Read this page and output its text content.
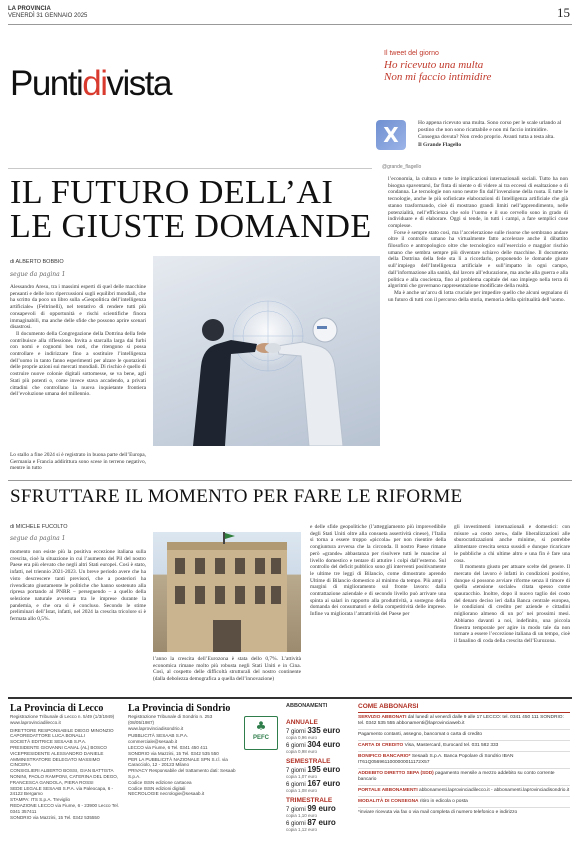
LA PROVINCIA
VENERDÌ 31 GENNAIO 2025	15
Puntidivista
Il tweet del giorno
Ho ricevuto una multa
Non mi faccio intimidire
X	Ho appena ricevuto una multa. Sono corso per le scale urlando al postino che non sono ricattabile e non mi faccio intimidire. Consegna dovuta? Non credo proprio. Avanti tutta a testa alta.
Il Grande Flagello
@grande_flagello
IL FUTURO DELL’AI
LE GIUSTE DOMANDE
di ALBERTO BOBBIO
segue da pagina 1

Alessandro Aresu, tra i massimi esperti di quel delle macchine pensanti e delle loro ripercussioni sugli equilibri mondiali, che ha scritto da poco un libro sulla «Geopolitica dell’intelligenza artificiale» (Feltrinelli), nel tentativo di rendere tutti più consapevoli di opportunità e rischi scientifiche finora immaginabili, ma anche delle sfide che possono aprire scenari disastrosi.

Il documento della Congregazione della Dottrina della fede contribuisce alla riflessione. Invita a starcalla larga dai furbi con nomi e cognomi ben noti, che ritengono si possa controllare e indirizzare fino a sostituire l’intelligenza dell’uomo in tanto fanno esperimenti per alzare le quotazioni delle proprie azioni sui mercati mondiali. Di rischio è quello di costruire nuove colonie digitali sottomesse, se va bene, agli Stati più potenti o, come invece stava accadendo, a privati cittadini che controllano la nuova inquietante frontiera dell’evoluzione umana del millennio.

Lo stallo a fine 2024 si è registrato in buona parte dell’Europa, Germania e Francia addirittura sono scese in terreno negativo, mentre in tutto

l’economia, la cultura e tutte le implicazioni internazionali sociali. Tutto ha non bisogna spaventarsi, far finta di niente o di videre ai tra eccessi di esaltazione o di condanna. Le tecnologie non sono neutre fin dall’invenzione della ruota. E tutte le tecnologie, anche le più sofisticate elaborazioni di Intelligenza artificiale che già stanno trasformando, cioè di mostrano grandi limiti nell’apprendimento, nelle potenzialità, nell’efficienza che solo l’uomo e il suo cervello sono in grado di individuare e di elaborare. Oggi si tende, in tutti i campi, a fare semplici cose complesse.

Forse è sempre stato così, ma l’accelerazione sulle risorse che sembrano andare oltre il controllo umano ha virtualmente fatto accelerare anche il dibattito filosofico e antropologico oltre che tecnologico sull’esercizio e maggior rischio umano che sembra sempre più diventare schiavo delle macchine. Il documento della Dottrina della fede sta lì a ricordarlo, proponendo le domande giuste sull’impiego dell’Intelligenza artificiale e sull’impatto in ogni campo, dall’informazione alla sanità, dal lavoro all’educazione, ma anche alla guerra e alla politica e alla coscienza, fino al problema capitale del suo impiego nella terra di algoritmi che governano rappresentazione modificate della realtà.

Ma è anche un’arcu di lotta cruciale per impedire quello che alcuni segnalano di un futuro di tutti con il percorso della storia, memoria della spiritualità dell’uomo.

SFRUTTARE IL MOMENTO PER FARE LE RIFORME
di MICHELE FUCOLTO
segue da pagina 1

momento non esiste più la positiva eccezione italiana sulla crescita, cioè la situazione in cui l’aumento del Pil del nostro Paese era più elevato che negli altri Stati europei. Così è stato, infatti, nel triennio 2021-2023. Un breve periodo avere che ha visto descrescere tanti previsori, che a posteriori ha rivendicato giustamente le politiche che hanno sostenuto alla ripresa portando al PNRR – perseguendo – a quello della selezione naturale avvenuta tra le imprese durante la pandemia, e che ora sì è concluso. Secondo le stime preliminari dell’Istat, infatti, nel 2024 la crescita tricolore si è fermata allo 0,5%.

l’anno la crescita dell’Eurozona è stata dello 0,7%. L’attività economica rimane molto più robusta negli Stati Uniti e in Cina. Così, al cospetto delle difficoltà strutturali del nostro continente (dalla debolezza demografica a quella dell’innovazione)

e delle sfide geopolitiche (l’atteggiamento più imprevedibile degli Stati Uniti oltre alla consueta assertività cinese), l’Italia si torna a essere troppo «piccola» per non risentire della congiuntura avversa che la circonda. Il nostro Paese rimane però «grande» abbastanza per risolvere tutti le mancine al livello domestico e tentare di attutire i colpi dall’esterno. Sul controllo del deficit pubblico sono gli interventi positivamente le ultime tre leggi di Bilancio, come dimostrato aprendo Ultime di Bilancio domestico al minimo da tempo. Più ampi i margini di miglioramento sul fronte lavoro: dalla contrattazione aziendale e di secondo livello può arrivare una spinta ai salari in rapporto alla produttività, a sostegno della domanda dei consumatori e della competitività delle imprese. Infine va migliorata l’attrattività del Paese per

gli investimenti internazionali e domestici: con misure «a costo zero», dalle liberalizzazioni alle sburocratizzazioni anche minime, si potrebbe alimentare crescita senza sussidi e dunque ricaricare le pubbliche a chi ultime altro e una fin è fare una cosa.

Il momento giusto per attuare scelte del genere. Il mercato del lavoro è infatti in condizioni positive, dunque si possono avviare riforme senza il timore di quella «tensione sociale» citata spesso come spauracchio. Inoltre, dopo il nuovo taglio dei costo del denaro deciso ieri dalla Banca centrale europea, le condizioni di credito per aziende e cittadini migliorano almeno di un po’ nei prossimi mesi. Abbiamo davanti a noi, indefinito, una piccola finestra temporale per agire in modo tale da non tornare a essere l’eccezione italiana di un tempo, cioè il fanalino di coda della crescita dell’Eurozona.

La Provincia di Lecco
Registrazione Tribunale di Lecco n. 5/49 (1/3/1949)
www.laprovinciadilecco.it
DIRETTORE RESPONSABILE DIEGO MINONZIO
CAPOREDATTORE LUCA BONALLI
SOCIETÀ EDITRICE SESAAB S.P.A.
PRESIDENTE GIOVANNI CANAL (AL) BOSCO
VICEPRESIDENTE ALESSANDRO DANIELE
AMMINISTRATORE DELEGATO MASSIMO CINCERA
CONSIGLIERI ALBERTO BOSSI, GIAN BATTISTA NONINI, PAOLO RAMPONI, CATERINA DEL DEGO, FRANCESCA GANDOLA, PIERA ROSSI
SEDE LEGALE SESAAB S.P.A. via Paleocapa, 6 - 24122 Bergamo
STAMPA: ITS S.p.A. Treviglio
REDAZIONE LECCO via Fiume, 6 - 23900 Lecco Tel. 0341 357411
SONDRIO via Mazzini, 15 Tel. 0342 535550
La Provincia di Sondrio
Registrazione Tribunale di Sondrio n. 253 (08/05/1987)
www.laprovinciadisondrio.it
PUBBLICITÀ SESAAB S.P.A. commerciale@sesaab.it
LECCO via Fiume, 6 Tel. 0341 450 411
SONDRIO via Mazzini, 15 Tel. 0342 535 550
PER LA PUBBLICITÀ NAZIONALE SPN S.r.l. via Caracciolo, 12 - 20123 Milano
PRIVACY Responsabile del trattamento dati: Sesaab S.p.A.
Codice ISSN edizione cartacea
Codice ISSN edizioni digitali
NECROLOGIE necrologie@sesaab.it
♣
PEFC
ABBONAMENTI
ANNUALE
7 giorni 335 euro
copia 0,96 euro
6 giorni 304 euro
copia 0,98 euro
SEMESTRALE
7 giorni 195 euro
copia 1,07 euro
6 giorni 167 euro
copia 1,08 euro
TRIMESTRALE
7 giorni 99 euro
copia 1,10 euro
6 giorni 87 euro
copia 1,12 euro
COME ABBONARSI
SERVIZIO ABBONATI dal lunedì al venerdì dalle 9 alle 17 LECCO: tel. 0341 450 111 SONDRIO: tel. 0342 535 555 abbonamenti@laprovinciaweb.it
Pagamento contanti, assegno, bancomat o carta di credito
CARTA DI CREDITO Visa, Mastercard, Eurocard tel. 031 582 333
BONIFICO BANCARIO* Sesaab S.p.A. Banca Popolare di Sondrio IBAN IT61Q0569611000000011172X57
ADDEBITO DIRETTO SEPA (SDD) pagamento mensile a mezzo addebito su conto corrente bancario
PORTALE ABBONAMENTI abbonamenti.laprovinciadilecco.it - abbonamenti.laprovinciadisondrio.it
MODALITÀ DI CONSEGNA ritiro in edicola o posta
*inviare ricevuta via fax o via mail completa di numero telefonico e indirizzo
